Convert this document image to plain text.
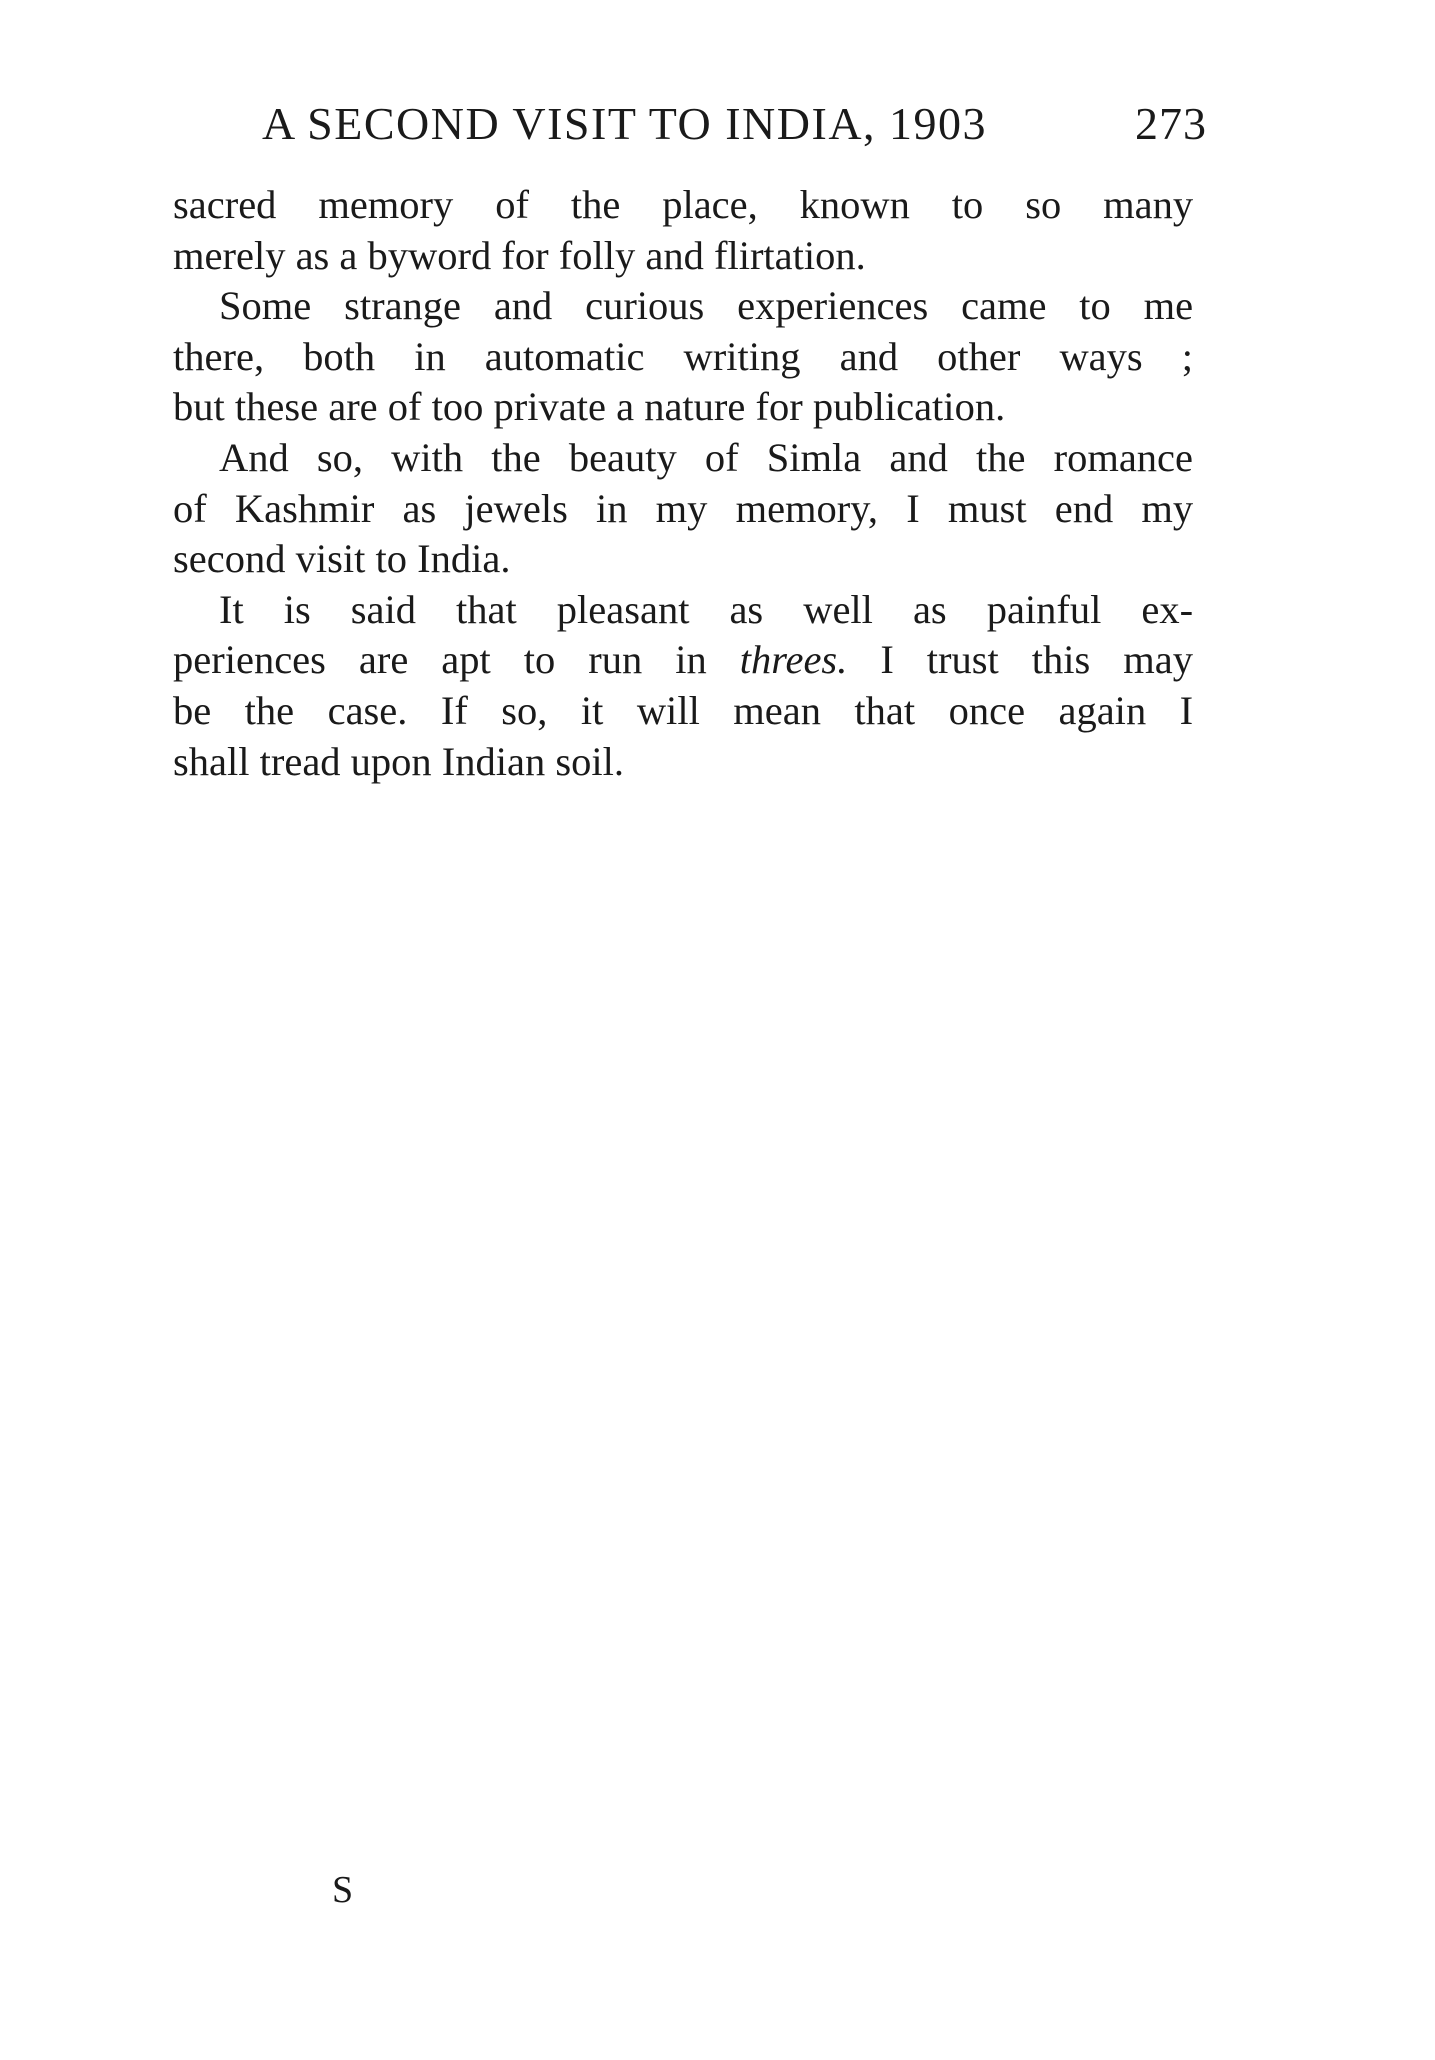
A SECOND VISIT TO INDIA, 1903	273
sacred memory of the place, known to so many
merely as a byword for folly and flirtation.
Some strange and curious experiences came to me
there, both in automatic writing and other ways ;
but these are of too private a nature for publication.
And so, with the beauty of Simla and the romance
of Kashmir as jewels in my memory, I must end my
second visit to India.
It is said that pleasant as well as painful ex-
periences are apt to run in threes. I trust this may
be the case. If so, it will mean that once again I
shall tread upon Indian soil.
S
